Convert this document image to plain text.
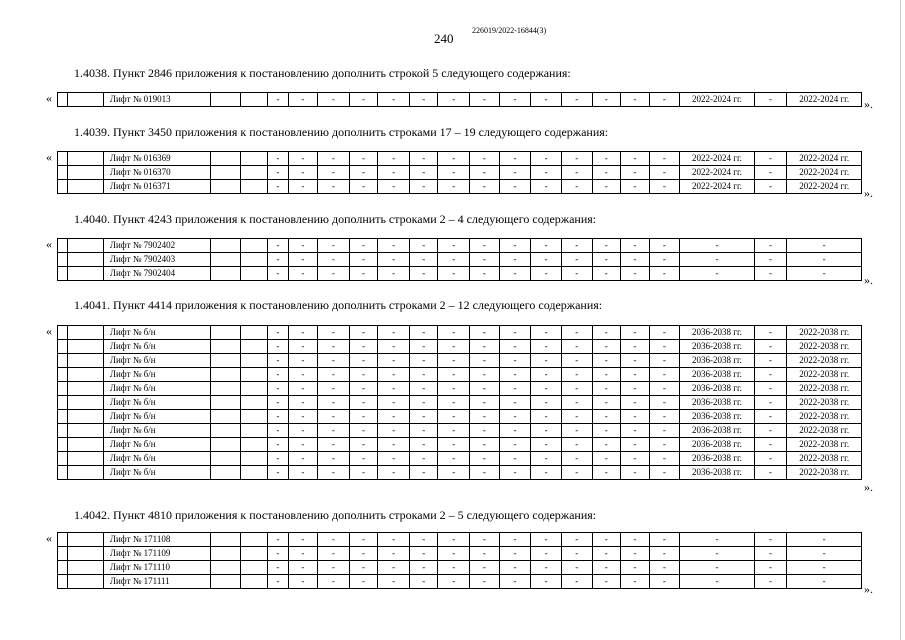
240
226019/2022-16844(3)
1.4038. Пункт 2846 приложения к постановлению дополнить строкой 5 следующего содержания:
«
			Лифт № 019013			-	-	-	-	-	-	-	-	-	-	-	-	-	-	2022-2024 гг.	-	2022-2024 гг. ».
1.4039. Пункт 3450 приложения к постановлению дополнить строками 17 – 19 следующего содержания:
«
			Лифт № 016369			-	-	-	-	-	-	-	-	-	-	-	-	-	-	2022-2024 гг.	-	2022-2024 гг.
		Лифт № 016370			-	-	-	-	-	-	-	-	-	-	-	-	-	-	2022-2024 гг.	-	2022-2024 гг.
		Лифт № 016371			-	-	-	-	-	-	-	-	-	-	-	-	-	-	2022-2024 гг.	-	2022-2024 гг. ».
1.4040. Пункт 4243 приложения к постановлению дополнить строками 2 – 4 следующего содержания:
«
			Лифт № 7902402			-	-	-	-	-	-	-	-	-	-	-	-	-	-	-	-	-
		Лифт № 7902403			-	-	-	-	-	-	-	-	-	-	-	-	-	-	-	-	-
		Лифт № 7902404			-	-	-	-	-	-	-	-	-	-	-	-	-	-	-	-	-	».
1.4041. Пункт 4414 приложения к постановлению дополнить строками 2 – 12 следующего содержания:
«
			Лифт № б/н			-	-	-	-	-	-	-	-	-	-	-	-	-	-	2036-2038 гг.	-	2022-2038 гг.
		Лифт № б/н			-	-	-	-	-	-	-	-	-	-	-	-	-	-	2036-2038 гг.	-	2022-2038 гг.
		Лифт № б/н			-	-	-	-	-	-	-	-	-	-	-	-	-	-	2036-2038 гг.	-	2022-2038 гг.
		Лифт № б/н			-	-	-	-	-	-	-	-	-	-	-	-	-	-	2036-2038 гг.	-	2022-2038 гг.
		Лифт № б/н			-	-	-	-	-	-	-	-	-	-	-	-	-	-	2036-2038 гг.	-	2022-2038 гг.
		Лифт № б/н			-	-	-	-	-	-	-	-	-	-	-	-	-	-	2036-2038 гг.	-	2022-2038 гг.
		Лифт № б/н			-	-	-	-	-	-	-	-	-	-	-	-	-	-	2036-2038 гг.	-	2022-2038 гг.
		Лифт № б/н			-	-	-	-	-	-	-	-	-	-	-	-	-	-	2036-2038 гг.	-	2022-2038 гг.
		Лифт № б/н			-	-	-	-	-	-	-	-	-	-	-	-	-	-	2036-2038 гг.	-	2022-2038 гг.
		Лифт № б/н			-	-	-	-	-	-	-	-	-	-	-	-	-	-	2036-2038 гг.	-	2022-2038 гг.
		Лифт № б/н			-	-	-	-	-	-	-	-	-	-	-	-	-	-	2036-2038 гг.	-	2022-2038 гг.
».
1.4042. Пункт 4810 приложения к постановлению дополнить строками 2 – 5 следующего содержания:
«
			Лифт № 171108			-	-	-	-	-	-	-	-	-	-	-	-	-	-	-	-	-
		Лифт № 171109			-	-	-	-	-	-	-	-	-	-	-	-	-	-	-	-	-
		Лифт № 171110			-	-	-	-	-	-	-	-	-	-	-	-	-	-	-	-	-
		Лифт № 171111			-	-	-	-	-	-	-	-	-	-	-	-	-	-	-	-	-
».
